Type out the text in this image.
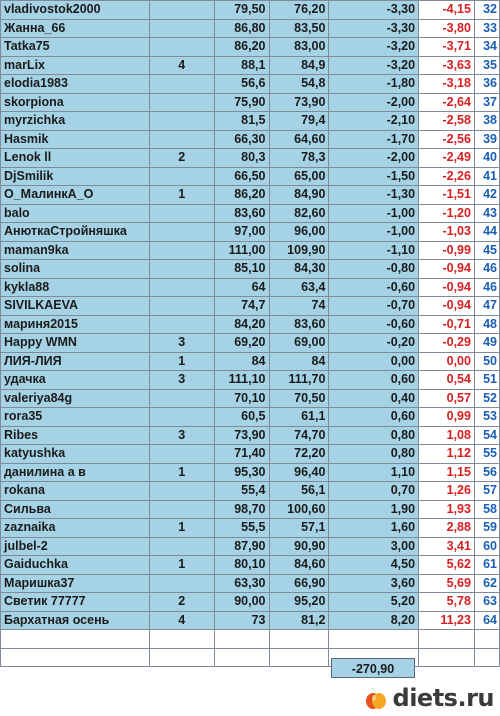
vladivostok2000		79,50	76,20	-3,30	-4,15	32
Жанна_66		86,80	83,50	-3,30	-3,80	33
Tatka75		86,20	83,00	-3,20	-3,71	34
marLix	4	88,1	84,9	-3,20	-3,63	35
elodia1983		56,6	54,8	-1,80	-3,18	36
skorpiona		75,90	73,90	-2,00	-2,64	37
myrzichka		81,5	79,4	-2,10	-2,58	38
Hasmik		66,30	64,60	-1,70	-2,56	39
Lenok ll	2	80,3	78,3	-2,00	-2,49	40
DjSmilik		66,50	65,00	-1,50	-2,26	41
O_МалинкА_O	1	86,20	84,90	-1,30	-1,51	42
balo		83,60	82,60	-1,00	-1,20	43
АнюткаСтройняшка		97,00	96,00	-1,00	-1,03	44
maman9ka		111,00	109,90	-1,10	-0,99	45
solina		85,10	84,30	-0,80	-0,94	46
kykla88		64	63,4	-0,60	-0,94	46
SIVILKAEVA		74,7	74	-0,70	-0,94	47
мариня2015		84,20	83,60	-0,60	-0,71	48
Happy WMN	3	69,20	69,00	-0,20	-0,29	49
ЛИЯ-ЛИЯ	1	84	84	0,00	0,00	50
удачка	3	111,10	111,70	0,60	0,54	51
valeriya84g		70,10	70,50	0,40	0,57	52
rora35		60,5	61,1	0,60	0,99	53
Ribes	3	73,90	74,70	0,80	1,08	54
katyushka		71,40	72,20	0,80	1,12	55
данилина а в	1	95,30	96,40	1,10	1,15	56
rokana		55,4	56,1	0,70	1,26	57
Сильва		98,70	100,60	1,90	1,93	58
zaznaika	1	55,5	57,1	1,60	2,88	59
julbel-2		87,90	90,90	3,00	3,41	60
Gaiduchka	1	80,10	84,60	4,50	5,62	61
Маришка37		63,30	66,90	3,60	5,69	62
Светик 77777	2	90,00	95,20	5,20	5,78	63
Бархатная осень	4	73	81,2	8,20	11,23	64

-270,90
diets.ru
